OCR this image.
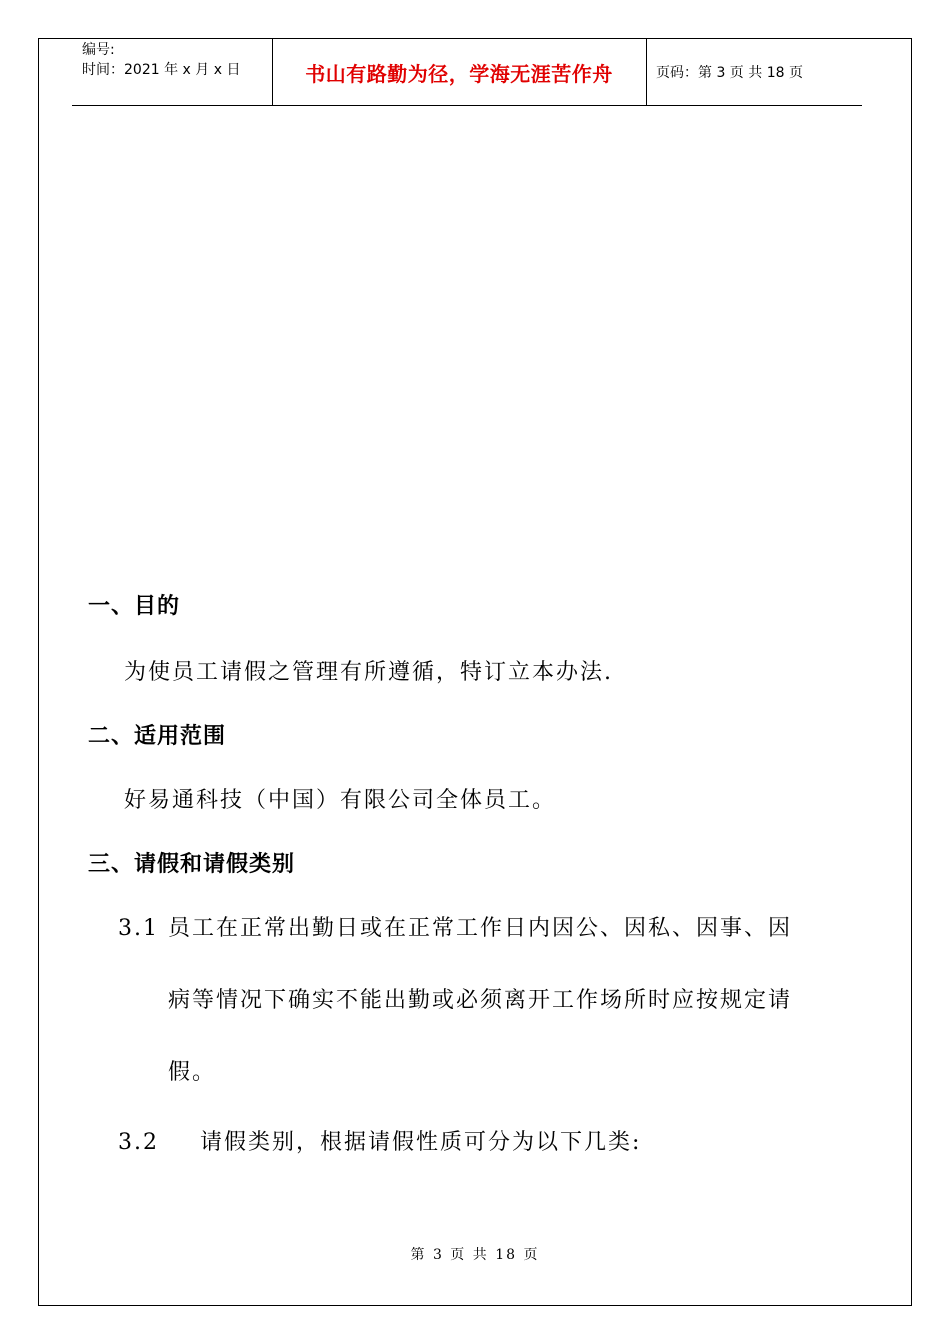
编号:
时间：2021 年 x 月 x 日	书山有路勤为径，学海无涯苦作舟	页码：第 3 页 共 18 页
一、目的
为使员工请假之管理有所遵循，特订立本办法.
二、适用范围
好易通科技（中国）有限公司全体员工。
三、请假和请假类别
3.1 员工在正常出勤日或在正常工作日内因公、因私、因事、因
病等情况下确实不能出勤或必须离开工作场所时应按规定请
假。
3.2 请假类别，根据请假性质可分为以下几类:
第 3 页 共 18 页
